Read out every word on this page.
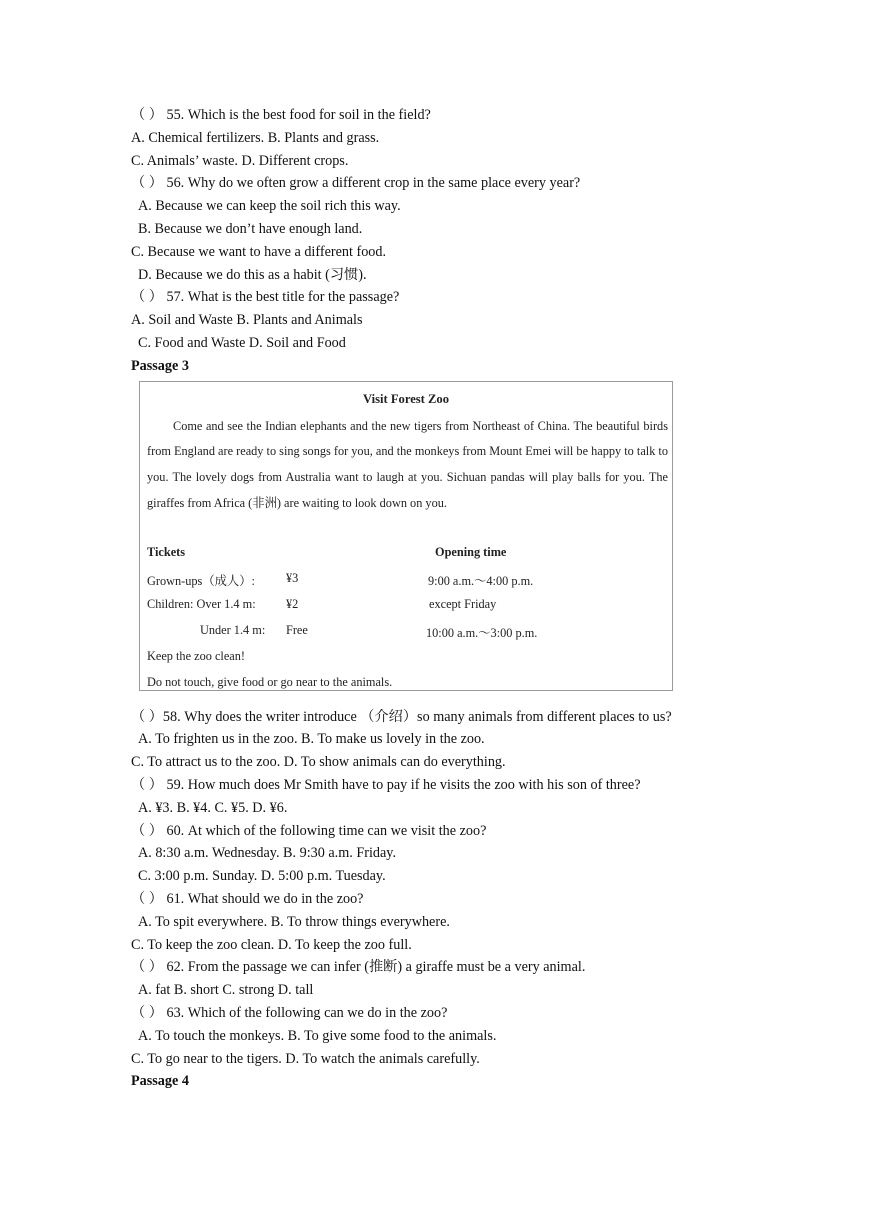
（ ） 55. Which is the best food for soil in the field?
A. Chemical fertilizers. B. Plants and grass.
C. Animals’ waste. D. Different crops.
（ ） 56. Why do we often grow a different crop in the same place every year?
A. Because we can keep the soil rich this way.
B. Because we don’t have enough land.
C. Because we want to have a different food.
D. Because we do this as a habit (习惯).
（ ） 57. What is the best title for the passage?
A. Soil and Waste B. Plants and Animals
C. Food and Waste D. Soil and Food
Passage 3
Visit Forest Zoo
Come and see the Indian elephants and the new tigers from Northeast of China. The beautiful birds from England are ready to sing songs for you, and the monkeys from Mount Emei will be happy to talk to you. The lovely dogs from Australia want to laugh at you. Sichuan pandas will play balls for you. The giraffes from Africa (非洲) are waiting to look down on you.
Tickets	Opening time
Grown-ups（成人）:	¥3	9:00 a.m.～4:00 p.m.
Children: Over 1.4 m: ¥2	except Friday
Under 1.4 m: Free	10:00 a.m.～3:00 p.m.
Keep the zoo clean!
Do not touch, give food or go near to the animals.
（ ）58. Why does the writer introduce （介绍）so many animals from different places to us?
A. To frighten us in the zoo. B. To make us lovely in the zoo.
C. To attract us to the zoo. D. To show animals can do everything.
（ ） 59. How much does Mr Smith have to pay if he visits the zoo with his son of three?
A. ¥3. B. ¥4. C. ¥5. D. ¥6.
（ ） 60. At which of the following time can we visit the zoo?
A. 8:30 a.m. Wednesday. B. 9:30 a.m. Friday.
C. 3:00 p.m. Sunday. D. 5:00 p.m. Tuesday.
（ ） 61. What should we do in the zoo?
A. To spit everywhere. B. To throw things everywhere.
C. To keep the zoo clean. D. To keep the zoo full.
（ ） 62. From the passage we can infer (推断) a giraffe must be a very animal.
A. fat B. short C. strong D. tall
（ ） 63. Which of the following can we do in the zoo?
A. To touch the monkeys. B. To give some food to the animals.
C. To go near to the tigers. D. To watch the animals carefully.
Passage 4
